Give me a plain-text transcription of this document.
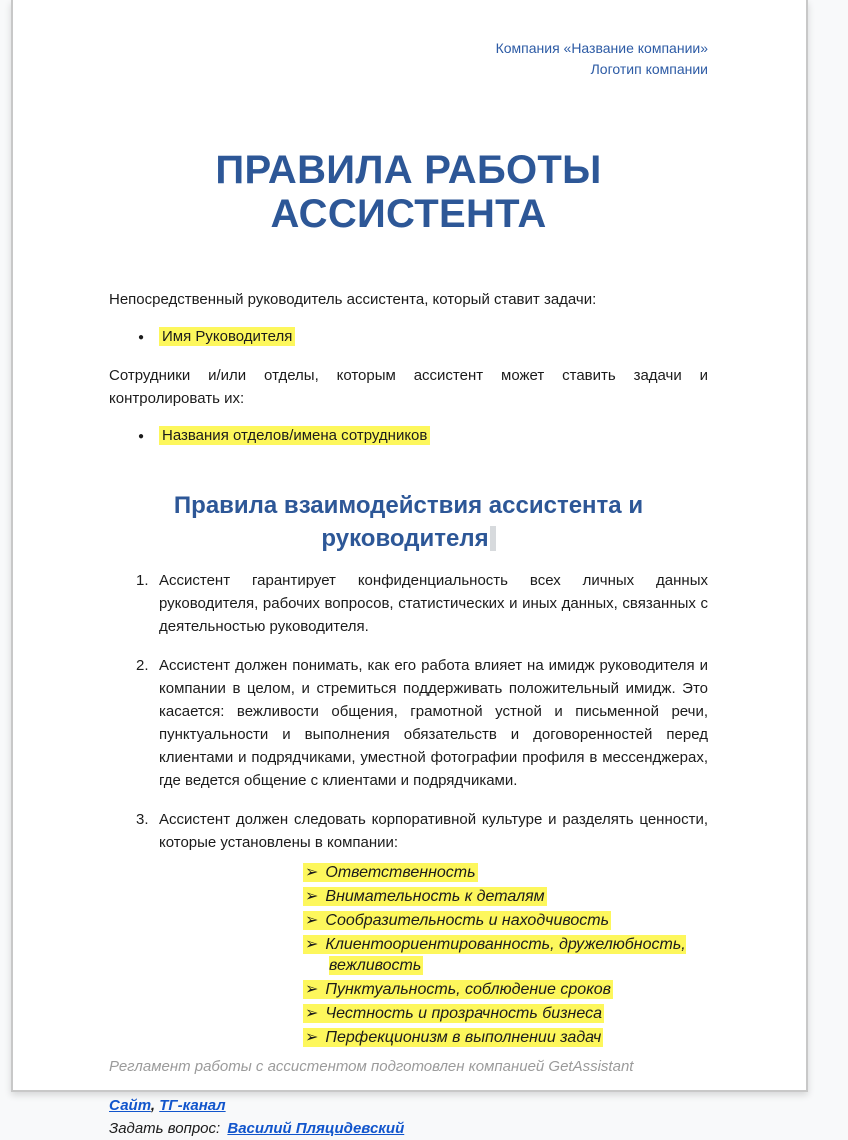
Компания «Название компании»
Логотип компании
ПРАВИЛА РАБОТЫ АССИСТЕНТА

Непосредственный руководитель ассистента, который ставит задачи:

● Имя Руководителя

Сотрудники и/или отделы, которым ассистент может ставить задачи и контролировать их:

● Названия отделов/имена сотрудников
Правила взаимодействия ассистента и руководителя
1. Ассистент гарантирует конфиденциальность всех личных данных руководителя, рабочих вопросов, статистических и иных данных, связанных с деятельностью руководителя.
2. Ассистент должен понимать, как его работа влияет на имидж руководителя и компании в целом, и стремиться поддерживать положительный имидж. Это касается: вежливости общения, грамотной устной и письменной речи, пунктуальности и выполнения обязательств и договоренностей перед клиентами и подрядчиками, уместной фотографии профиля в мессенджерах, где ведется общение с клиентами и подрядчиками.
3. Ассистент должен следовать корпоративной культуре и разделять ценности, которые установлены в компании:
➢ Ответственность
➢ Внимательность к деталям
➢ Сообразительность и находчивость
➢ Клиентоориентированность, дружелюбность, вежливость
➢ Пунктуальность, соблюдение сроков
➢ Честность и прозрачность бизнеса
➢ Перфекционизм в выполнении задач

Регламент работы с ассистентом подготовлен компанией GetAssistant

Сайт, ТГ-канал

Задать вопрос: Василий Пляцидевский
